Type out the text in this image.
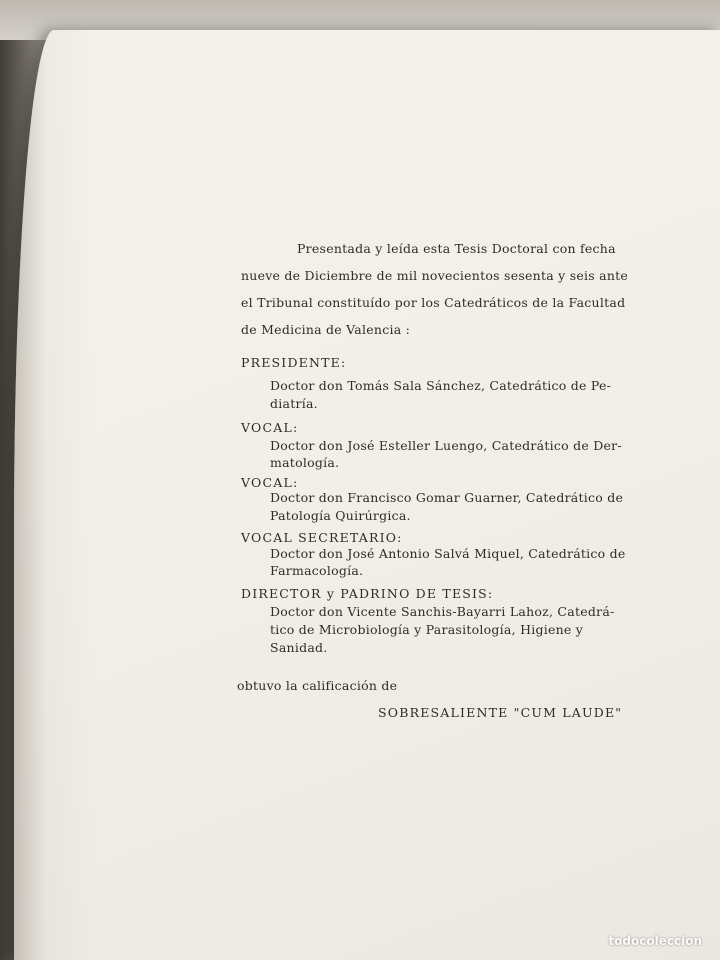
Presentada y leída esta Tesis Doctoral con fecha
nueve de Diciembre de mil novecientos sesenta y seis ante
el Tribunal constituído por los Catedráticos de la Facultad
de Medicina de Valencia :
PRESIDENTE:
Doctor don Tomás Sala Sánchez, Catedrático de Pe-
diatría.
VOCAL:
Doctor don José Esteller Luengo, Catedrático de Der-
matología.
VOCAL:
Doctor don Francisco Gomar Guarner, Catedrático de
Patología Quirúrgica.
VOCAL SECRETARIO:
Doctor don José Antonio Salvá Miquel, Catedrático de
Farmacología.
DIRECTOR y PADRINO DE TESIS:
Doctor don Vicente Sanchis-Bayarri Lahoz, Catedrá-
tico de Microbiología y Parasitología, Higiene y
Sanidad.
obtuvo la calificación de
SOBRESALIENTE "CUM LAUDE"
todocoleccion
